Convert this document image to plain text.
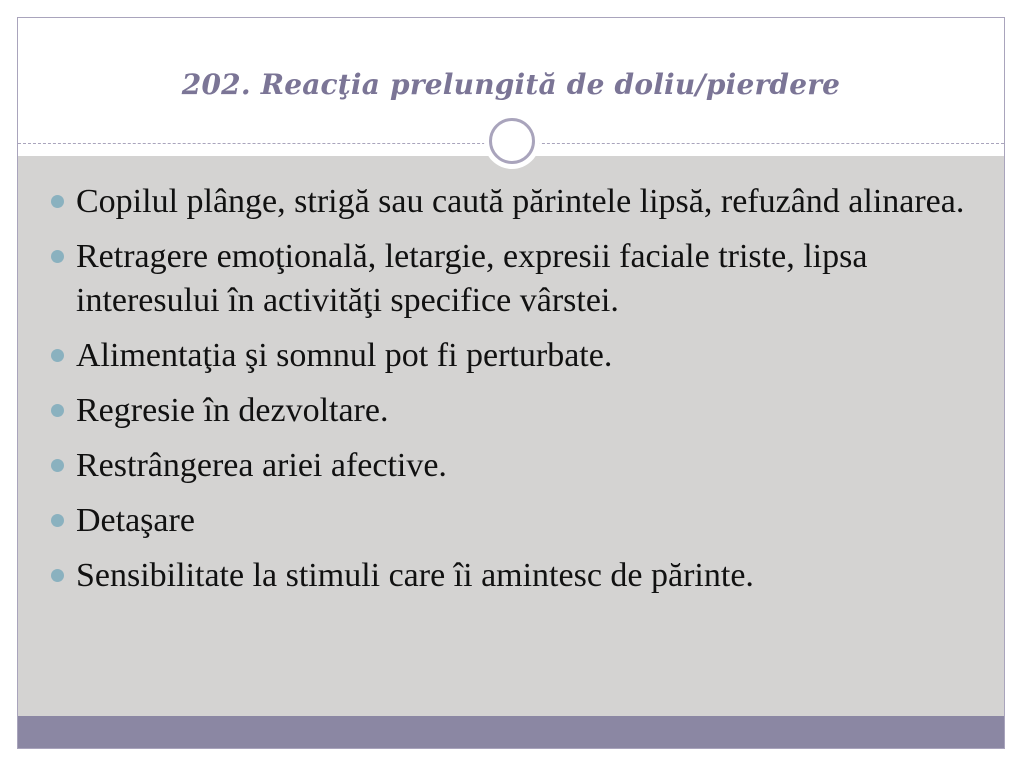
202. Reacţia prelungită de doliu/pierdere
Copilul plânge, strigă sau caută părintele lipsă, refuzând alinarea.
Retragere emoţională, letargie, expresii faciale triste, lipsa interesului în activităţi specifice vârstei.
Alimentaţia şi somnul pot fi perturbate.
Regresie în dezvoltare.
Restrângerea ariei afective.
Detaşare
Sensibilitate la stimuli care îi amintesc de părinte.
